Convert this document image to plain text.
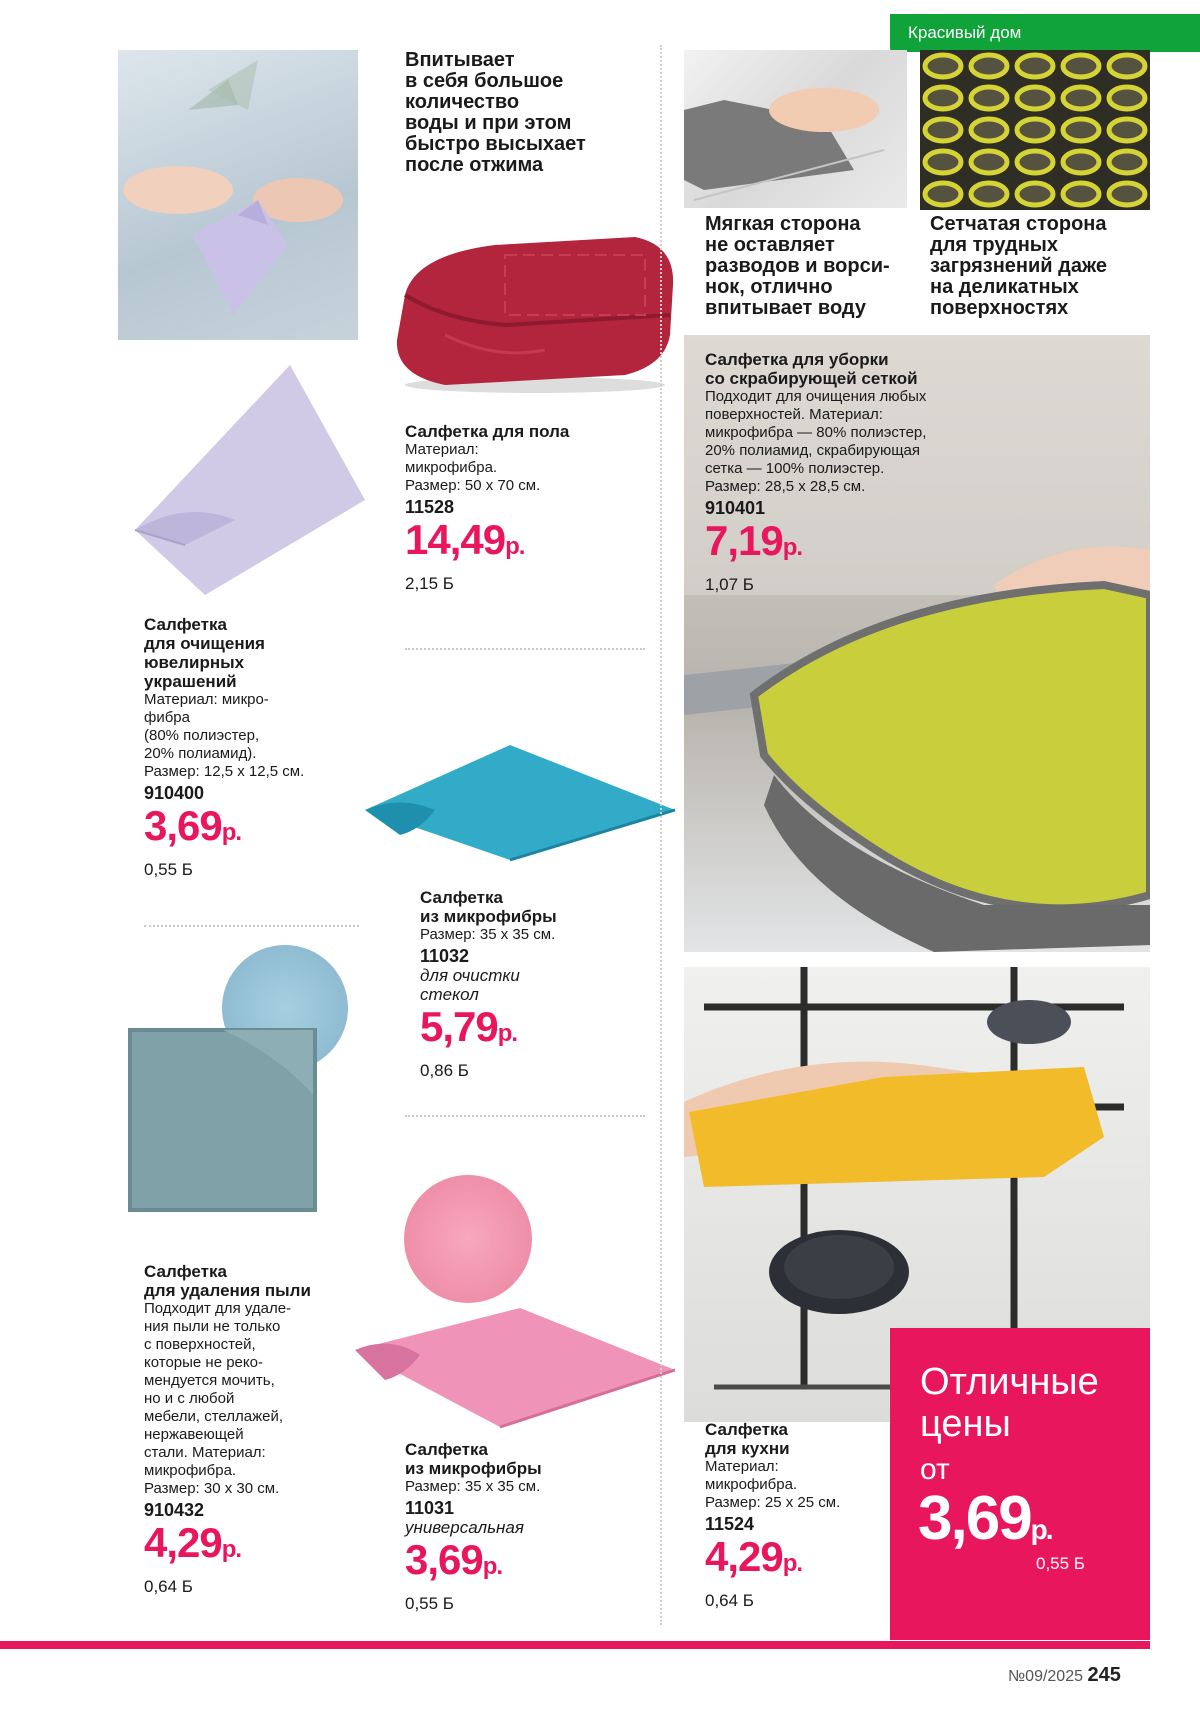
Красивый дом
Впитывает
в себя большое
количество
воды и при этом
быстро высыхает
после отжима
Мягкая сторона
не оставляет
разводов и ворси-
нок, отлично
впитывает воду
Сетчатая сторона
для трудных
загрязнений даже
на деликатных
поверхностях
Салфетка
для очищения
ювелирных
украшений
Материал: микро-
фибра
(80% полиэстер,
20% полиамид).
Размер: 12,5 x 12,5 см.
910400
3,69р.
0,55 Б
Салфетка для пола
Материал:
микрофибра.
Размер: 50 x 70 см.
11528
14,49р.
2,15 Б
Салфетка для уборки
со скрабирующей сеткой
Подходит для очищения любых
поверхностей. Материал:
микрофибра — 80% полиэстер,
20% полиамид, скрабирующая
сетка — 100% полиэстер.
Размер: 28,5 x 28,5 см.
910401
7,19р.
1,07 Б
Салфетка
из микрофибры
Размер: 35 x 35 см.
11032
для очистки
стекол
5,79р.
0,86 Б
Салфетка
для удаления пыли
Подходит для удале-
ния пыли не только
с поверхностей,
которые не реко-
мендуется мочить,
но и с любой
мебели, стеллажей,
нержавеющей
стали. Материал:
микрофибра.
Размер: 30 x 30 см.
910432
4,29р.
0,64 Б
Салфетка
из микрофибры
Размер: 35 x 35 см.
11031
универсальная
3,69р.
0,55 Б
Салфетка
для кухни
Материал:
микрофибра.
Размер: 25 x 25 см.
11524
4,29р.
0,64 Б
Отличные
цены
от
3,69р.
0,55 Б
№09/2025 245
